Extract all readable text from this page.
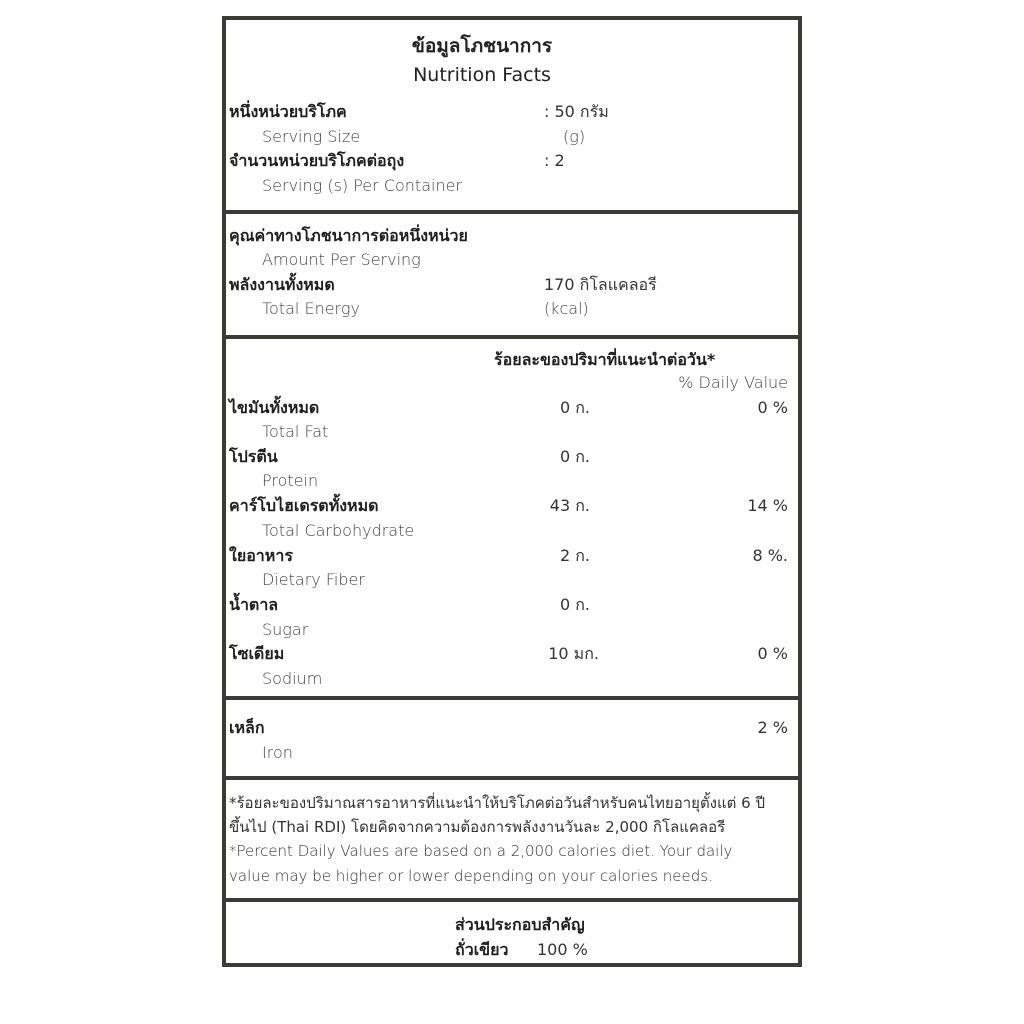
ข้อมูลโภชนาการ
Nutrition Facts
หนึ่งหน่วยบริโภค	: 50 กรัม
Serving Size	(g)
จำนวนหน่วยบริโภคต่อถุง	: 2
Serving (s) Per Container
คุณค่าทางโภชนาการต่อหนึ่งหน่วย
Amount Per Serving
พลังงานทั้งหมด	170 กิโลแคลอรี
Total Energy	(kcal)
ร้อยละของปริมาที่แนะนำต่อวัน*
% Daily Value
ไขมันทั้งหมด	0 ก.	0 %
Total Fat
โปรตีน	0 ก.
Protein
คาร์โบไฮเดรตทั้งหมด	43 ก.	14 %
Total Carbohydrate
ใยอาหาร	2 ก.	8 %.
Dietary Fiber
น้ำตาล	0 ก.
Sugar
โซเดียม	10 มก.	0 %
Sodium
เหล็ก	2 %
Iron
*ร้อยละของปริมาณสารอาหารที่แนะนำให้บริโภคต่อวันสำหรับคนไทยอายุตั้งแต่ 6 ปี
ขึ้นไป (Thai RDI) โดยคิดจากความต้องการพลังงานวันละ 2,000 กิโลแคลอรี
*Percent Daily Values are based on a 2,000 calories diet. Your daily
value may be higher or lower depending on your calories needs.
ส่วนประกอบสำคัญ
ถั่วเขียว 100 %
